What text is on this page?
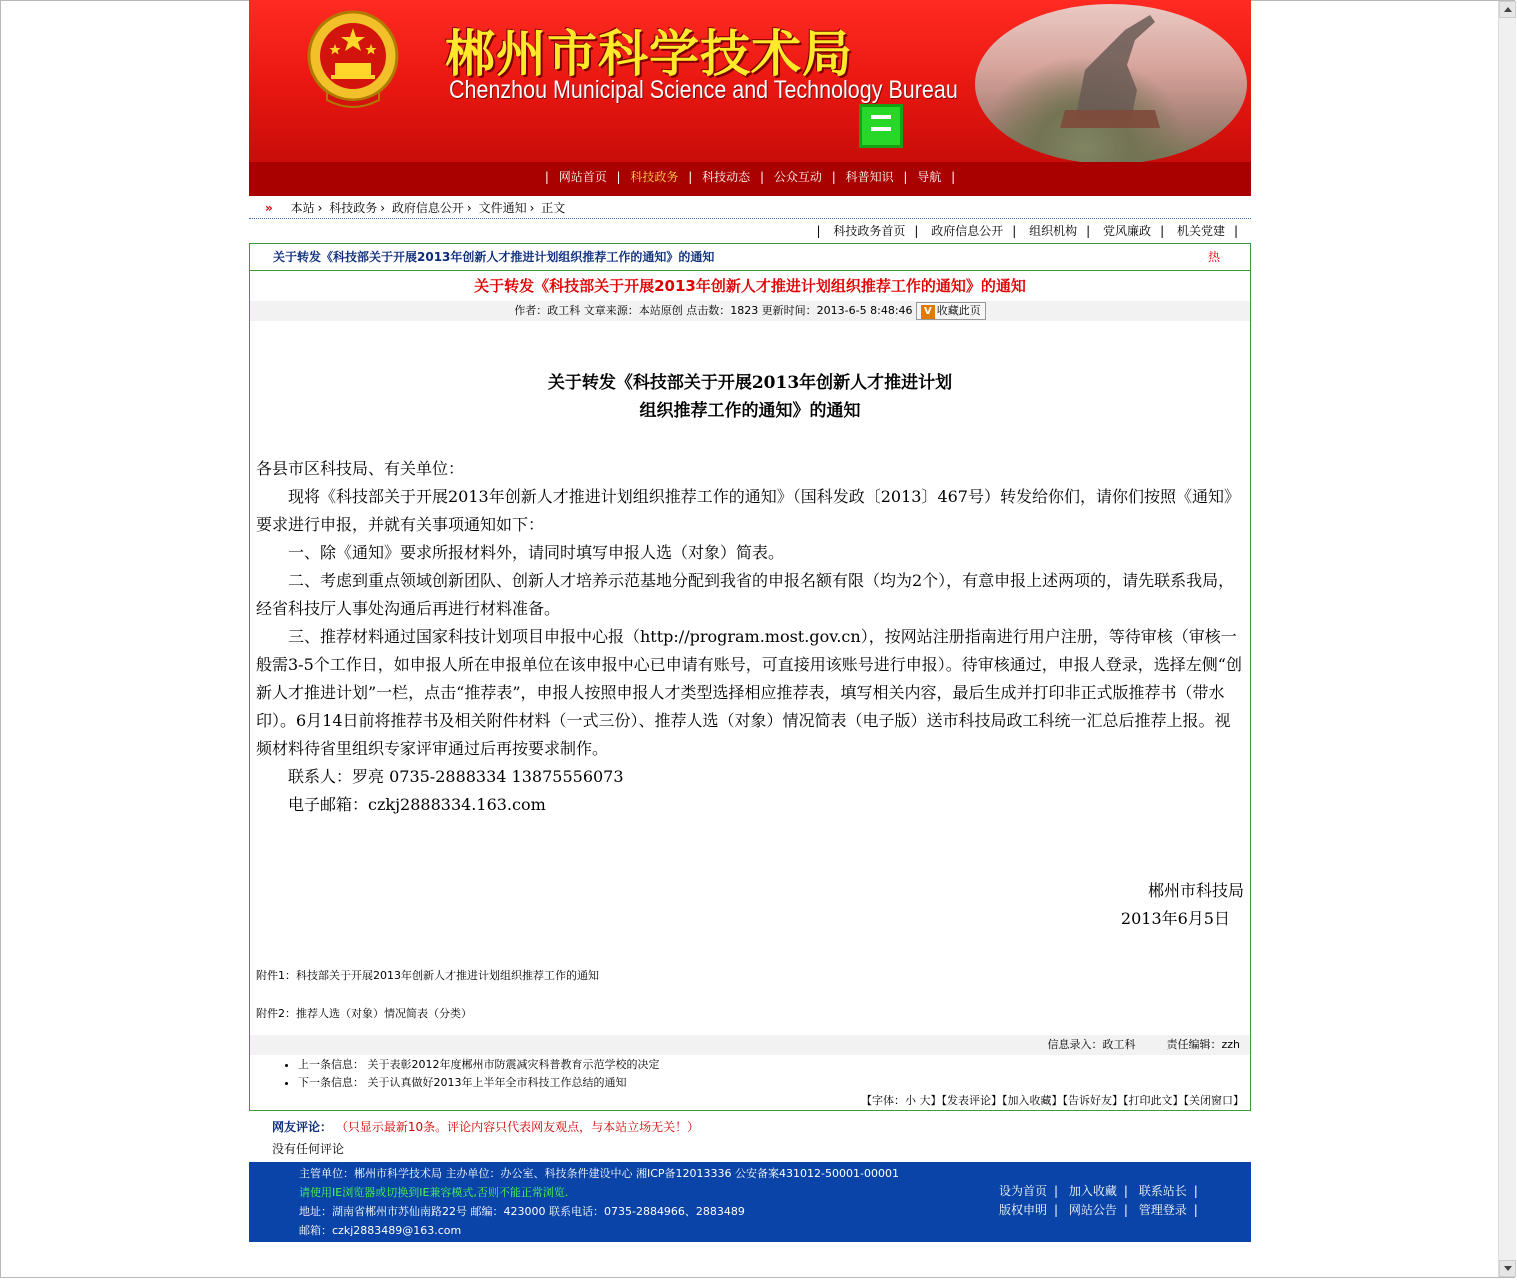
郴州市科学技术局
Chenzhou Municipal Science and Technology Bureau
| 网站首页 | 科技政务 | 科技动态 | 公众互动 | 科普知识 | 导航 |
» 本站 › 科技政务 › 政府信息公开 › 文件通知 › 正文
| 科技政务首页 | 政府信息公开 | 组织机构 | 党风廉政 | 机关党建 |
关于转发《科技部关于开展2013年创新人才推进计划组织推荐工作的通知》的通知	热
关于转发《科技部关于开展2013年创新人才推进计划组织推荐工作的通知》的通知
作者：政工科 文章来源：本站原创 点击数：1823 更新时间：2013-6-5 8:48:46 V 收藏此页
关于转发《科技部关于开展2013年创新人才推进计划
组织推荐工作的通知》的通知

各县市区科技局、有关单位：

现将《科技部关于开展2013年创新人才推进计划组织推荐工作的通知》（国科发政〔2013〕467号）转发给你们，请你们按照《通知》要求进行申报，并就有关事项通知如下：

一、除《通知》要求所报材料外，请同时填写申报人选（对象）简表。

二、考虑到重点领域创新团队、创新人才培养示范基地分配到我省的申报名额有限（均为2个），有意申报上述两项的，请先联系我局，经省科技厅人事处沟通后再进行材料准备。

三、推荐材料通过国家科技计划项目申报中心报（http://program.most.gov.cn），按网站注册指南进行用户注册，等待审核（审核一般需3-5个工作日，如申报人所在申报单位在该申报中心已申请有账号，可直接用该账号进行申报）。待审核通过，申报人登录，选择左侧“创新人才推进计划”一栏，点击“推荐表”，申报人按照申报人才类型选择相应推荐表，填写相关内容，最后生成并打印非正式版推荐书（带水印）。6月14日前将推荐书及相关附件材料（一式三份）、推荐人选（对象）情况简表（电子版）送市科技局政工科统一汇总后推荐上报。视频材料待省里组织专家评审通过后再按要求制作。

联系人：罗亮 0735-2888334 13875556073

电子邮箱：czkj2888334.163.com

郴州市科技局
2013年6月5日
附件1：科技部关于开展2013年创新人才推进计划组织推荐工作的通知
附件2：推荐人选（对象）情况简表（分类）
信息录入：政工科	责任编辑：zzh
• 上一条信息： 关于表彰2012年度郴州市防震减灾科普教育示范学校的决定
• 下一条信息： 关于认真做好2013年上半年全市科技工作总结的通知
【字体：小 大】【发表评论】【加入收藏】【告诉好友】【打印此文】【关闭窗口】
网友评论： （只显示最新10条。评论内容只代表网友观点，与本站立场无关！）
没有任何评论
主管单位：郴州市科学技术局 主办单位：办公室、科技条件建设中心 湘ICP备12013336 公安备案431012-50001-00001
请使用IE浏览器或切换到IE兼容模式,否则不能正常浏览.
地址：湖南省郴州市苏仙南路22号 邮编：423000 联系电话：0735-2884966、2883489
邮箱：czkj2883489@163.com
设为首页 | 加入收藏 | 联系站长 |
版权申明 | 网站公告 | 管理登录 |
